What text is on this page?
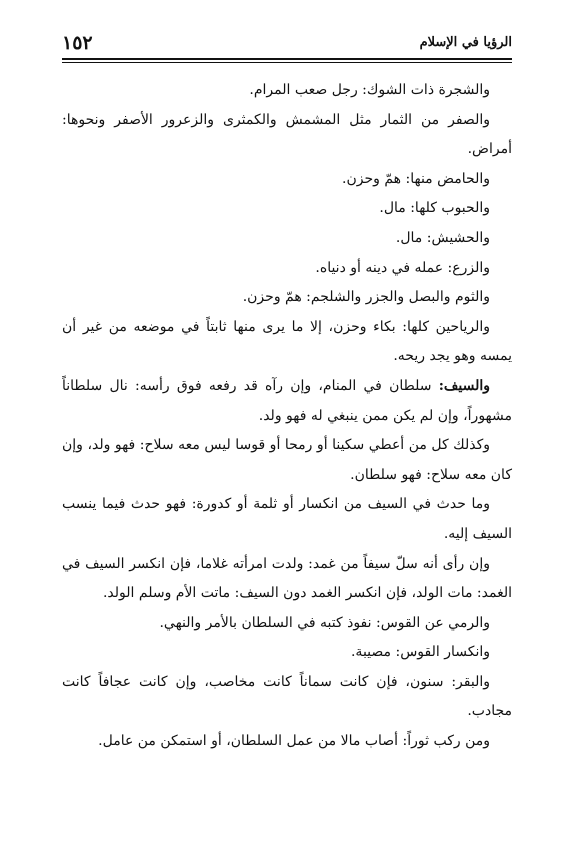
١٥٢	الرؤيا في الإسلام

والشجرة ذات الشوك: رجل صعب المرام.

والصفر من الثمار مثل المشمش والكمثرى والزعرور الأصفر ونحوها: أمراض.

والحامض منها: همّ وحزن.

والحبوب كلها: مال.

والحشيش: مال.

والزرع: عمله في دينه أو دنياه.

والثوم والبصل والجزر والشلجم: همّ وحزن.

والرياحين كلها: بكاء وحزن، إلا ما يرى منها ثابتاً في موضعه من غير أن يمسه وهو يجد ريحه.

والسيف: سلطان في المنام، وإن رآه قد رفعه فوق رأسه: نال سلطاناً مشهوراً، وإن لم يكن ممن ينبغي له فهو ولد.

وكذلك كل من أعطي سكينا أو رمحا أو قوسا ليس معه سلاح: فهو ولد، وإن كان معه سلاح: فهو سلطان.

وما حدث في السيف من انكسار أو ثلمة أو كدورة: فهو حدث فيما ينسب السيف إليه.

وإن رأى أنه سلّ سيفاً من غمد: ولدت امرأته غلاما، فإن انكسر السيف في الغمد: مات الولد، فإن انكسر الغمد دون السيف: ماتت الأم وسلم الولد.

والرمي عن القوس: نفوذ كتبه في السلطان بالأمر والنهي.

وانكسار القوس: مصيبة.

والبقر: سنون، فإن كانت سماناً كانت مخاصب، وإن كانت عجافاً كانت مجادب.

ومن ركب ثوراً: أصاب مالا من عمل السلطان، أو استمكن من عامل.
